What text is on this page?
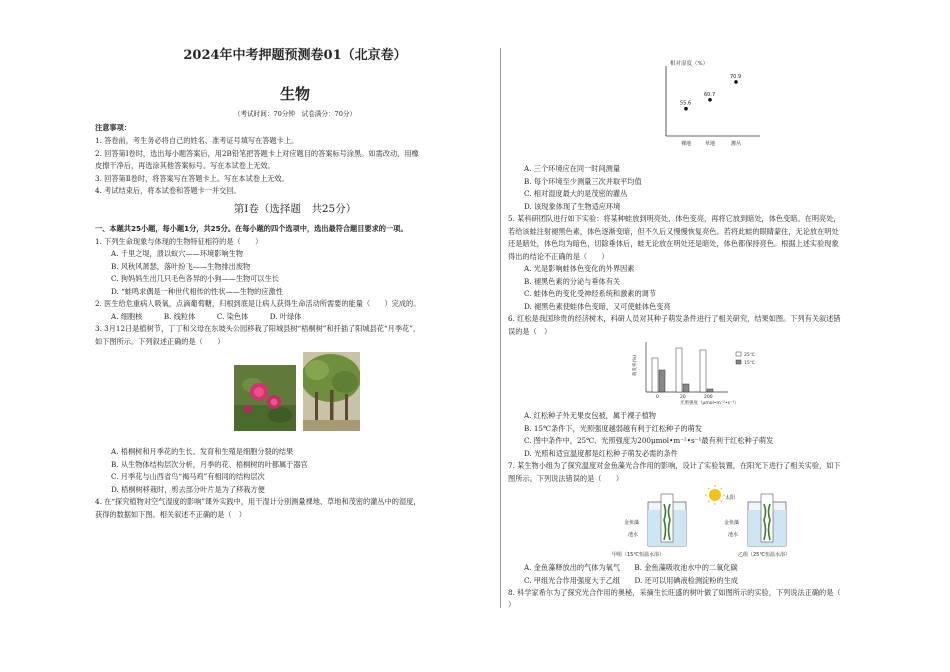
2024年中考押题预测卷01（北京卷）
生物
（考试时间：70分钟　试卷满分：70分）
注意事项：
1. 答卷前，考生务必将自己的姓名、准考证号填写在答题卡上。
2. 回答第Ⅰ卷时，选出每小题答案后，用2B铅笔把答题卡上对应题目的答案标号涂黑。如需改动，用橡
皮擦干净后，再选涂其他答案标号。写在本试卷上无效。
3. 回答第Ⅱ卷时，将答案写在答题卡上。写在本试卷上无效。
4. 考试结束后，将本试卷和答题卡一并交回。
第Ⅰ卷（选择题　共25分）
一、本题共25小题，每小题1分，共25分。在每小题的四个选项中，选出最符合题目要求的一项。
1. 下列生命现象与体现的生物特征相符的是（　　）
A. 千里之堤，溃以蚁穴——环境影响生物
B. 风秋风萧瑟，落叶纷飞——生物排出废物
C. 狗妈妈生出几只毛色各异的小狗——生物可以生长
D. “蛙鸣求偶是一种世代相传的性状——生物的应激性
2. 医生给危重病人吸氧，点滴葡萄糖，归根到底是让病人获得生命活动所需要的能量（　　）完成的。
A. 细胞核　　　B. 线粒体　　　C. 染色体　　　D. 叶绿体
3. 3月12日是植树节，丁丁和父母在东坡头公园移栽了阳城县树“梧桐树”和扦插了阳城县花“月季花”，
如下图所示。下列叙述正确的是（　　）
A. 梧桐树和月季花的生长、发育和生殖是细胞分裂的结果
B. 从生物体结构层次分析，月季的花、梧桐树的叶都属于器官
C. 月季花与山西省鸟“褐马鸡”有相同的结构层次
D. 梧桐树移栽时，剪去部分叶片是为了移栽方便
4. 在“探究植物对空气湿度的影响”课外实践中，用干湿计分别测量裸地、草地和茂密的灌丛中的湿度，
获得的数据如下图。相关叙述不正确的是（　）
相对湿度（%）
55.6
裸地
60.7
草地
70.9
灌丛
A. 三个环境应在同一时间测量
B. 每个环境至少测量三次并取平均值
C. 相对湿度最大的是茂密的灌丛
D. 该现象体现了生物适应环境
5. 某科研团队进行如下实验：将某种蛙放到明亮处，体色变亮，再将它放到暗处，体色变暗。在明亮处，
若给该蛙注射褪黑色素，体色逐渐变暗，但不久后又慢慢恢复亮色。若将此蛙的眼睛蒙住，无论放在明处
还是暗处，体色均为暗色，切除垂体后，蛙无论放在明处还是暗处，体色都保持亮色。根据上述实验现象
得出的结论不正确的是（　　）
A. 光是影响蛙体色变化的外界因素
B. 褪黑色素的分泌与垂体有关
C. 蛙体色的变化受神经系统和激素的调节
D. 褪黑色素使蛙体色变暗，又可使蛙体色变亮
6. 红松是我国珍贵的经济树木，科研人员对其种子萌发条件进行了相关研究，结果如图。下列有关叙述错
误的是（　）
萌发率(%)
光照强度（μmol•m⁻²•s⁻¹）
25℃
15℃
0	20	200
A. 红松种子外无果皮包被，属于裸子植物
B. 15℃条件下，光照强度越弱越有利于红松种子的萌发
C. 图中条件中，25℃、光照强度为200μmol•m⁻²•s⁻¹最有利于红松种子萌发
D. 光照和适宜温度都是红松种子萌发必需的条件
7. 某生物小组为了探究温度对金鱼藻光合作用的影响，设计了实验装置，在阳光下进行了相关实验，如下
图所示。下列说法错误的是（　　）
太阳
金鱼藻
池水
甲组（15℃恒温水浴）
金鱼藻
池水
乙组（25℃恒温水浴）
A. 金鱼藻释放出的气体为氧气　　B. 金鱼藻吸收池水中的二氧化碳
C. 甲组光合作用强度大于乙组　　D. 还可以用碘液检测淀粉的生成
8. 科学家希尔为了探究光合作用的奥秘，采摘生长旺盛的树叶做了如图所示的实验，下列说法正确的是（
）
